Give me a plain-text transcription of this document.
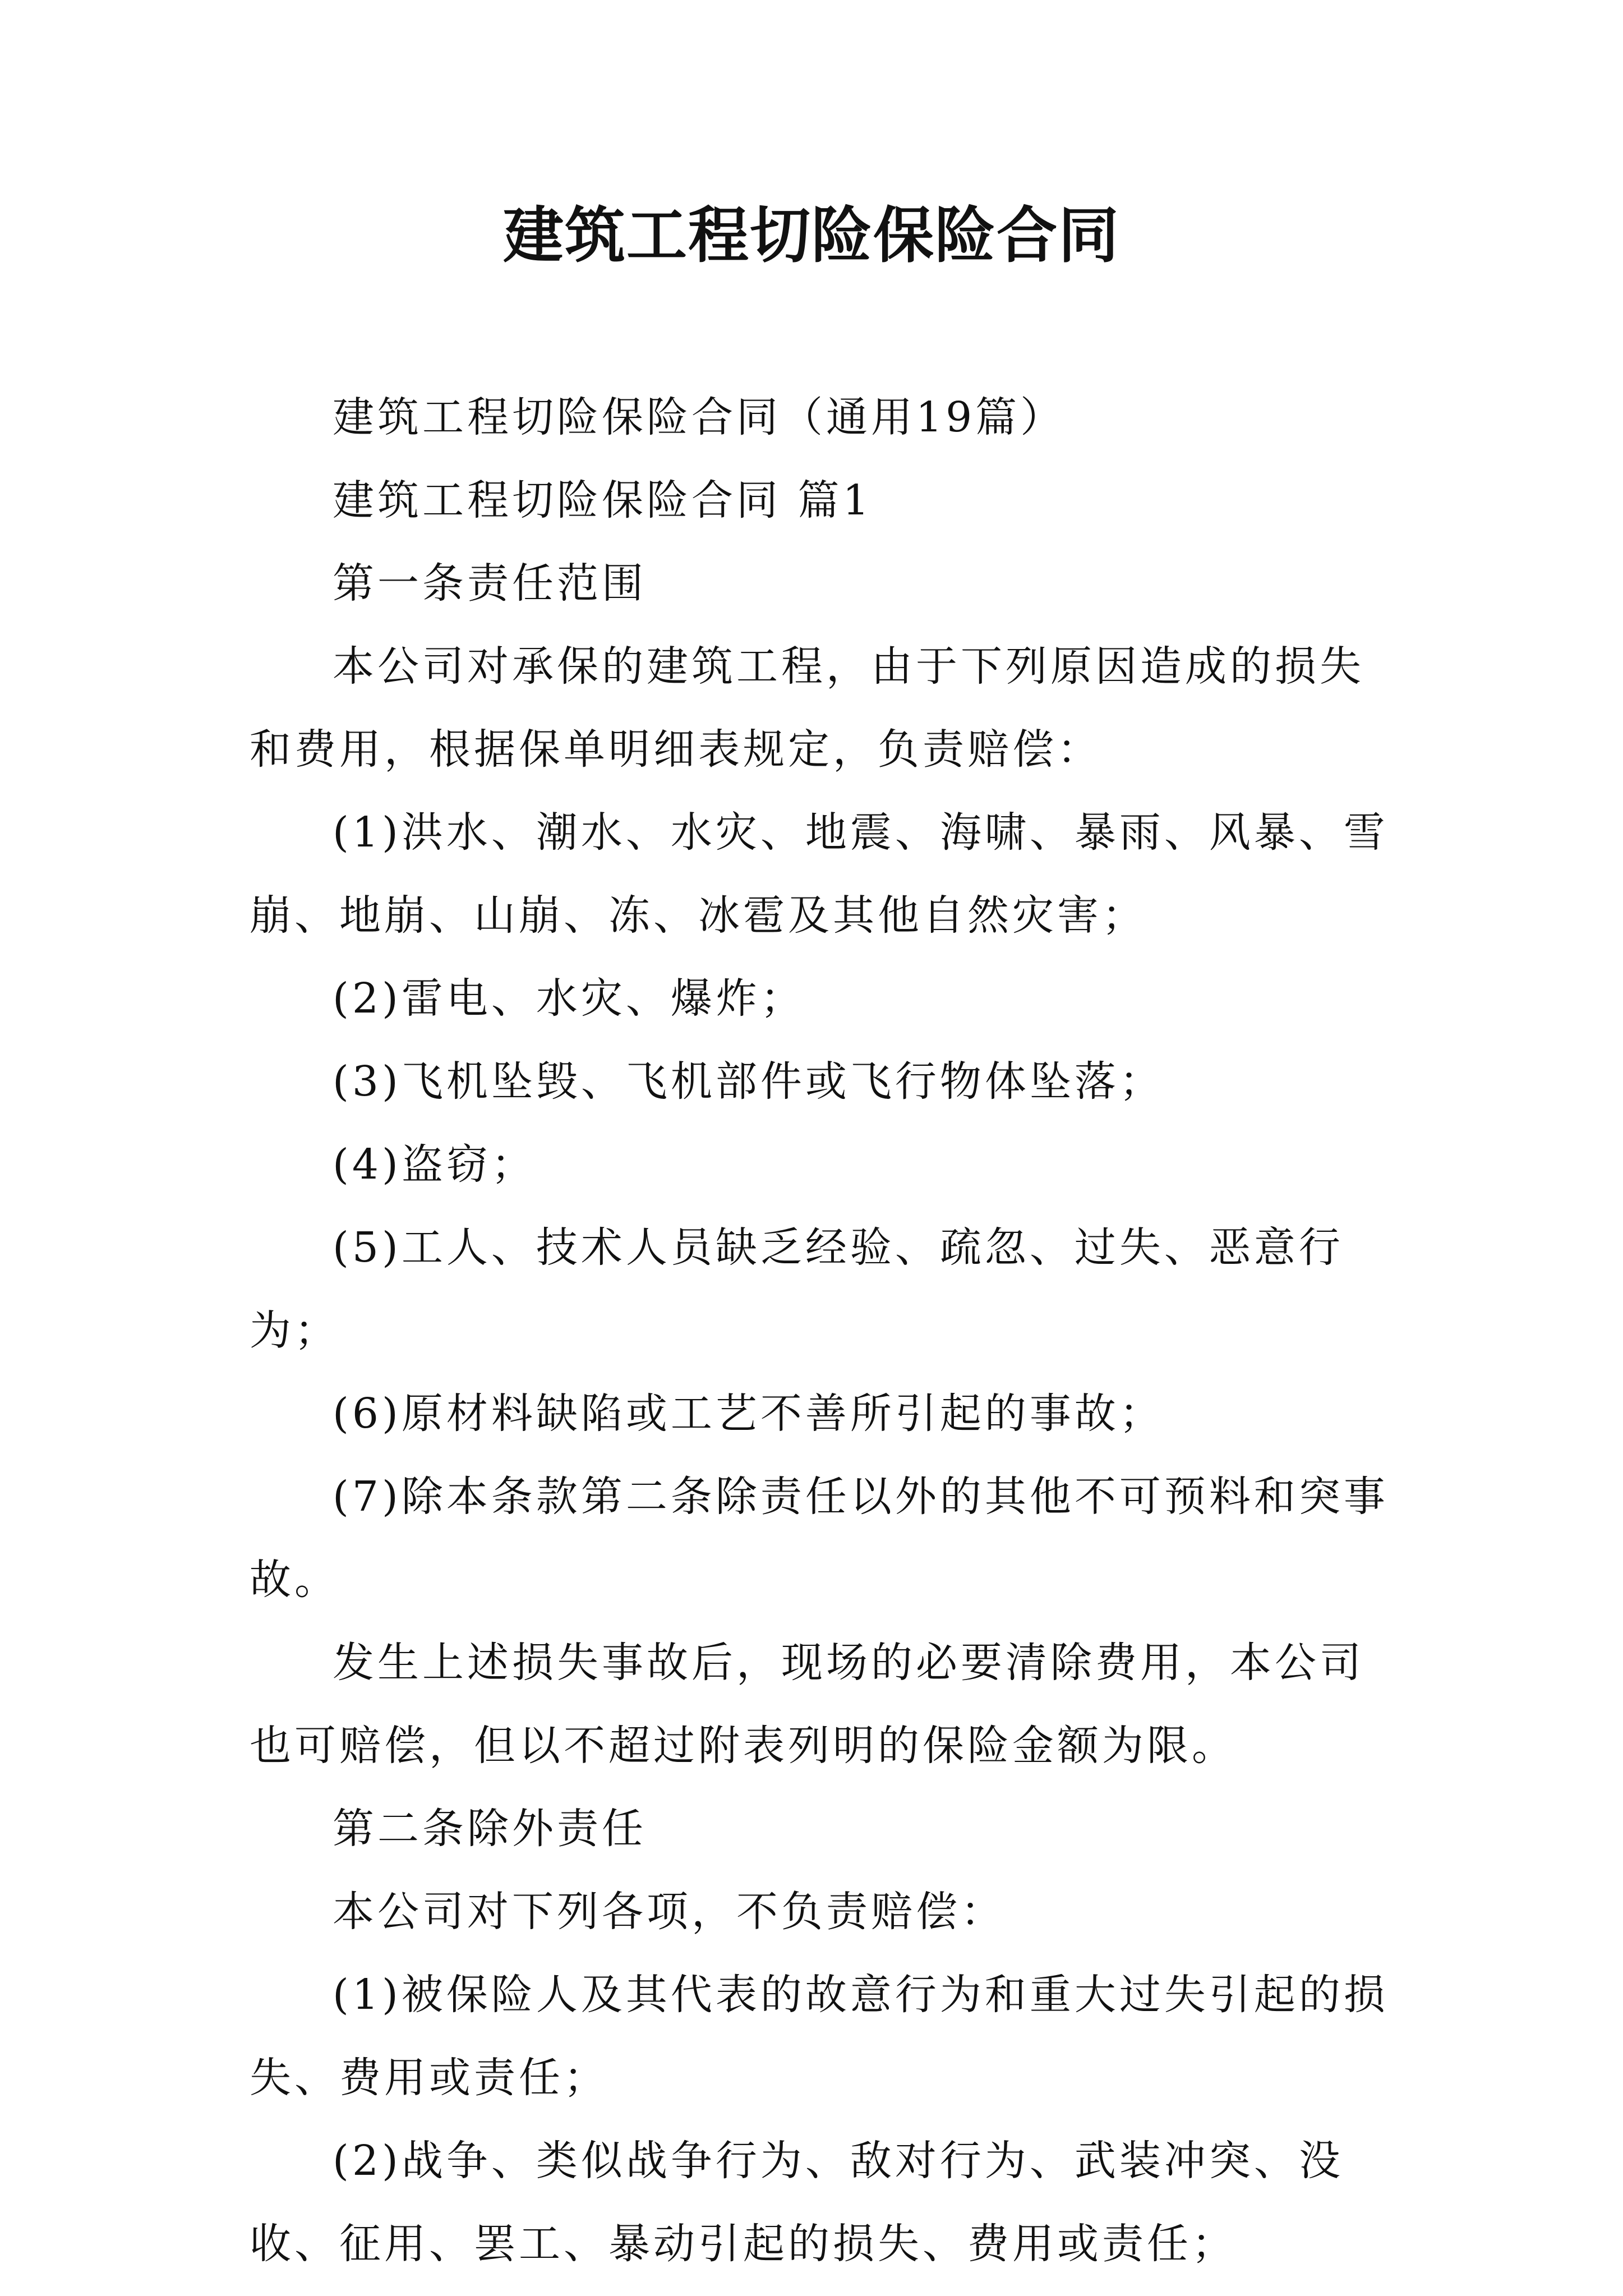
建筑工程切险保险合同

建筑工程切险保险合同（通用19篇）

建筑工程切险保险合同 篇1

第一条责任范围

本公司对承保的建筑工程，由于下列原因造成的损失和费用，根据保单明细表规定，负责赔偿：

(1)洪水、潮水、水灾、地震、海啸、暴雨、风暴、雪崩、地崩、山崩、冻、冰雹及其他自然灾害；

(2)雷电、水灾、爆炸；

(3)飞机坠毁、飞机部件或飞行物体坠落；

(4)盗窃；

(5)工人、技术人员缺乏经验、疏忽、过失、恶意行为；

(6)原材料缺陷或工艺不善所引起的事故；

(7)除本条款第二条除责任以外的其他不可预料和突事故。

发生上述损失事故后，现场的必要清除费用，本公司也可赔偿，但以不超过附表列明的保险金额为限。

第二条除外责任

本公司对下列各项，不负责赔偿：

(1)被保险人及其代表的故意行为和重大过失引起的损失、费用或责任；

(2)战争、类似战争行为、敌对行为、武装冲突、没收、征用、罢工、暴动引起的损失、费用或责任；
